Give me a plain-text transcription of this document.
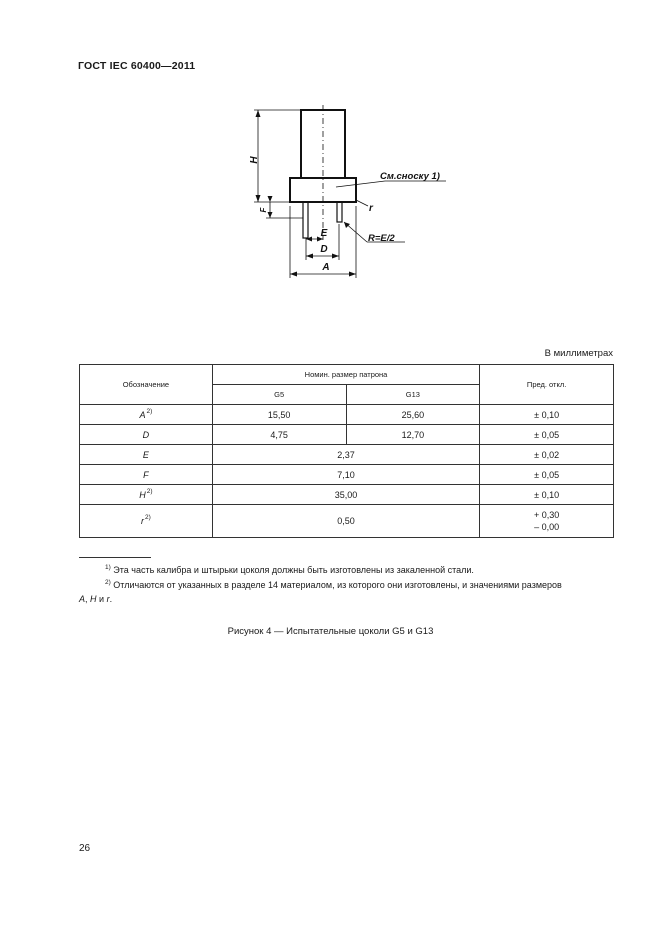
ГОСТ IEC 60400—2011
H
F
E
D
A
r
R=E/2
См.сноску 1)
В миллиметрах
Обозначение	Номин. размер патрона		Пред. откл.
	G5	G13	
$A^{2)}$	15,50	25,60	± 0,10
D	4,75	12,70	± 0,05
E	2,37		± 0,02
F	7,10		± 0,05
$H^{2)}$	35,00		± 0,10
$r^{2)}$	0,50		+ 0,30
– 0,00
$^{1)}$ Эта часть калибра и штырьки цоколя должны быть изготовлены из закаленной стали.
$^{2)}$ Отличаются от указанных в разделе 14 материалом, из которого они изготовлены, и значениями размеров
A, H и r.
Рисунок 4 — Испытательные цоколи G5 и G13
26
